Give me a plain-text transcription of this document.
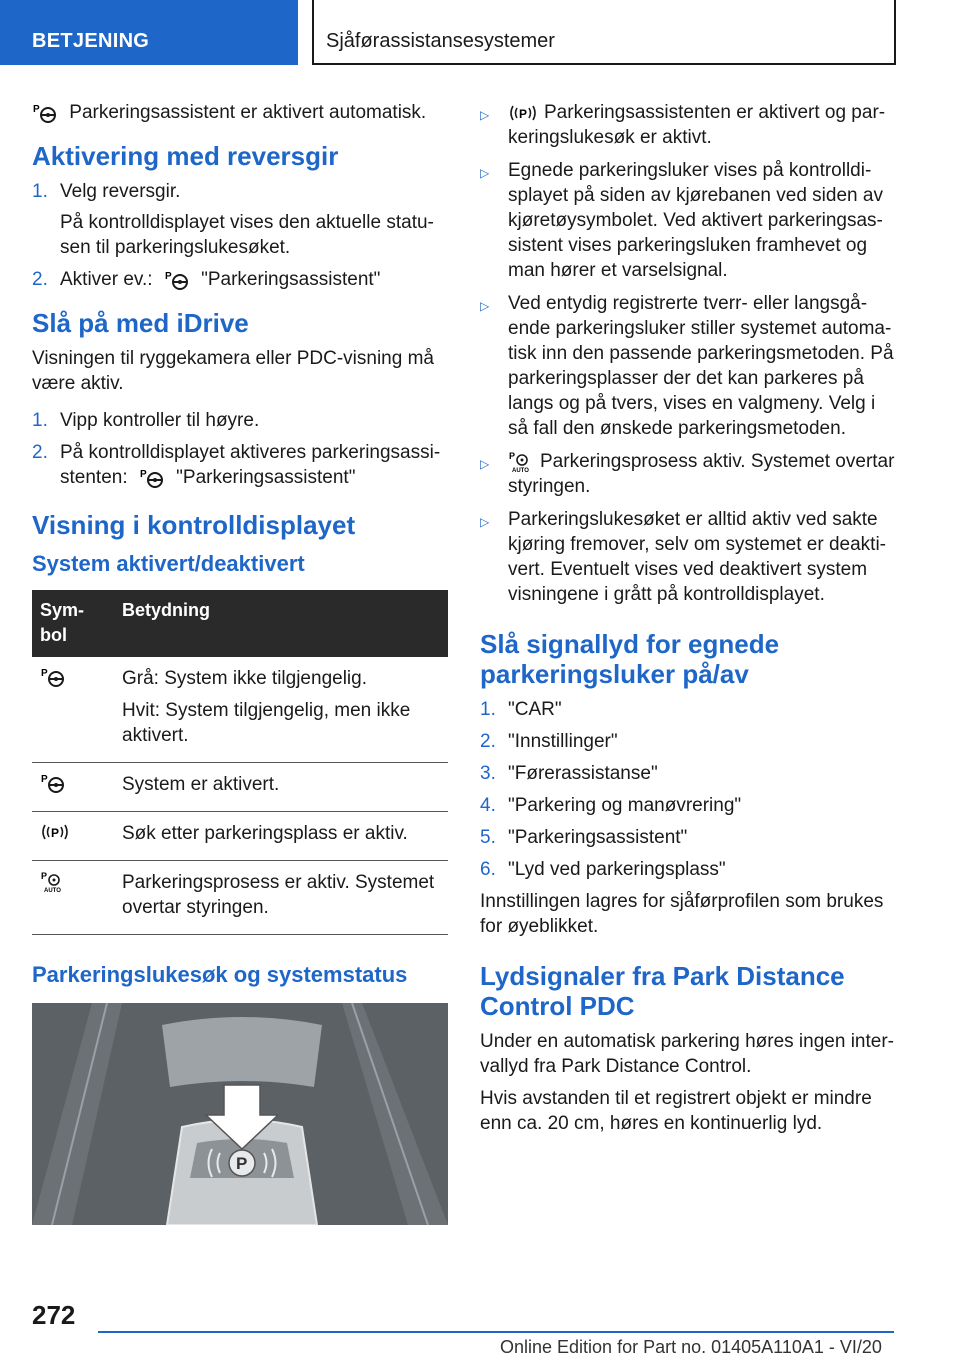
BETJENING	Sjåførassistansesystemer
P Parkeringsassistent er aktivert automatisk.
Aktivering med reversgir
1. Velg reversgir.
På kontrolldisplayet vises den aktuelle statu-sen til parkeringslukesøket.
2. Aktiver ev.: P "Parkeringsassistent"
Slå på med iDrive
Visningen til ryggekamera eller PDC-visning må være aktiv.
1. Vipp kontroller til høyre.
2. På kontrolldisplayet aktiveres parkeringsassi-stenten: P "Parkeringsassistent"
Visning i kontrolldisplayet
System aktivert/deaktivert
Sym-bol	Betydning

P	Grå: System ikke tilgjengelig.

Hvit: System tilgjengelig, men ikke aktivert.

P	System er aktivert.

P	Søk etter parkeringsplass er aktiv.

P
AUTO	Parkeringsprosess er aktiv. Systemet overtar styringen.

Parkeringslukesøk og systemstatus
P
▷	P Parkeringsassistenten er aktivert og par-keringslukesøk er aktivt.
▷ Egnede parkeringsluker vises på kontrolldi-splayet på siden av kjørebanen ved siden av kjøretøysymbolet. Ved aktivert parkeringsas-sistent vises parkeringsluken framhevet og man hører et varselsignal.
▷ Ved entydig registrerte tverr- eller langsgå-ende parkeringsluker stiller systemet automa-tisk inn den passende parkeringsmetoden. På parkeringsplasser der det kan parkeres på langs og på tvers, vises en valgmeny. Velg i så fall den ønskede parkeringsmetoden.
▷
P
AUTO Parkeringsprosess aktiv. Systemet overtar styringen.
▷ Parkeringslukesøket er alltid aktiv ved sakte kjøring fremover, selv om systemet er deakti-vert. Eventuelt vises ved deaktivert system visningene i grått på kontrolldisplayet.
Slå signallyd for egnede parkeringsluker på/av
1. "CAR"
2. "Innstillinger"
3. "Førerassistanse"
4. "Parkering og manøvrering"
5. "Parkeringsassistent"
6. "Lyd ved parkeringsplass"
Innstillingen lagres for sjåførprofilen som brukes for øyeblikket.
Lydsignaler fra Park Distance Control PDC
Under en automatisk parkering høres ingen inter-vallyd fra Park Distance Control.
Hvis avstanden til et registrert objekt er mindre enn ca. 20 cm, høres en kontinuerlig lyd.
272
Online Edition for Part no. 01405A110A1 - VI/20
